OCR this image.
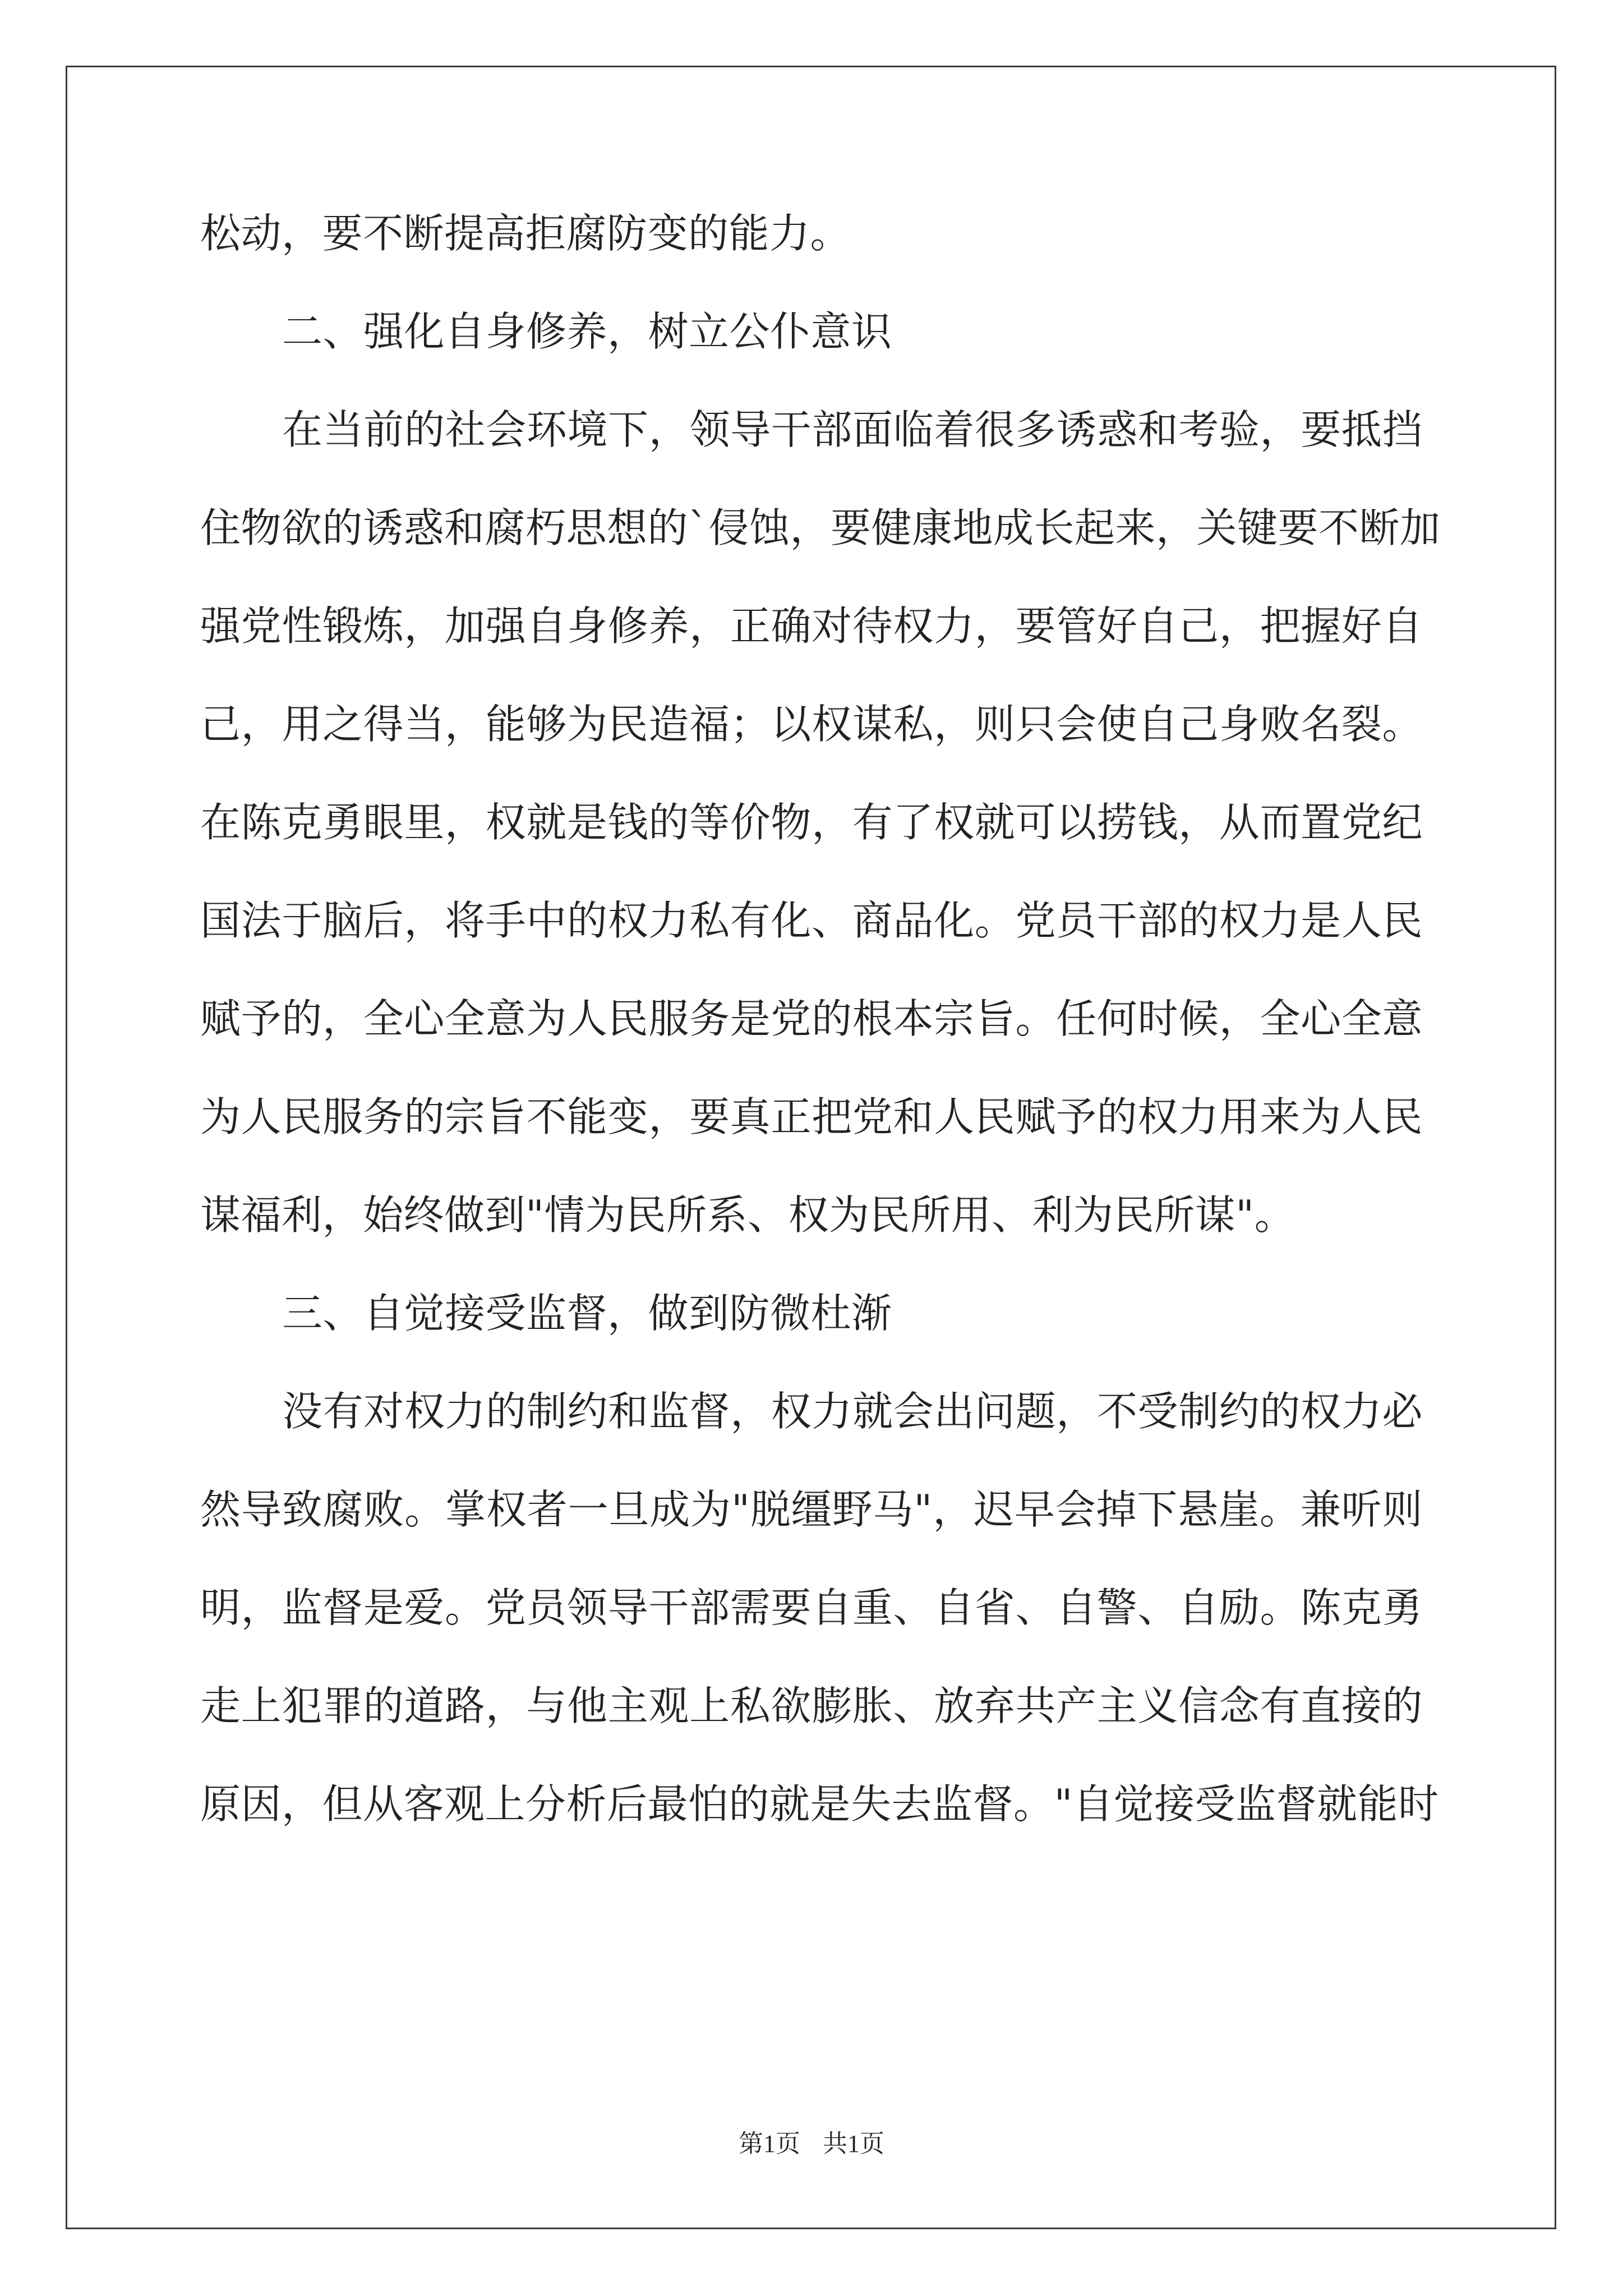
松动，要不断提高拒腐防变的能力。
二、强化自身修养，树立公仆意识
在当前的社会环境下，领导干部面临着很多诱惑和考验，要抵挡
住物欲的诱惑和腐朽思想的`侵蚀，要健康地成长起来，关键要不断加
强党性锻炼，加强自身修养，正确对待权力，要管好自己，把握好自
己，用之得当，能够为民造福；以权谋私，则只会使自己身败名裂。
在陈克勇眼里，权就是钱的等价物，有了权就可以捞钱，从而置党纪
国法于脑后，将手中的权力私有化、商品化。党员干部的权力是人民
赋予的，全心全意为人民服务是党的根本宗旨。任何时候，全心全意
为人民服务的宗旨不能变，要真正把党和人民赋予的权力用来为人民
谋福利，始终做到"情为民所系、权为民所用、利为民所谋"。
三、自觉接受监督，做到防微杜渐
没有对权力的制约和监督，权力就会出问题，不受制约的权力必
然导致腐败。掌权者一旦成为"脱缰野马"，迟早会掉下悬崖。兼听则
明，监督是爱。党员领导干部需要自重、自省、自警、自励。陈克勇
走上犯罪的道路，与他主观上私欲膨胀、放弃共产主义信念有直接的
原因，但从客观上分析后最怕的就是失去监督。"自觉接受监督就能时
第1页 共1页
